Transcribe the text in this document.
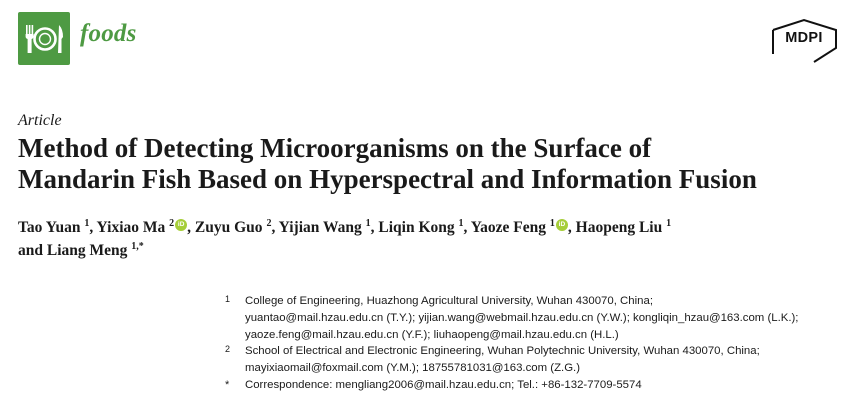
foods	MDPI
Article
Method of Detecting Microorganisms on the Surface of
Mandarin Fish Based on Hyperspectral and Information Fusion
Tao Yuan $^1$, Yixiao Ma $^2$ iD , Zuyu Guo $^2$, Yijian Wang $^1$, Liqin Kong $^1$, Yaoze Feng $^1$ iD , Haopeng Liu $^1$
and Liang Meng $^{1,*}$
1 College of Engineering, Huazhong Agricultural University, Wuhan 430070, China;
yuantao@mail.hzau.edu.cn (T.Y.); yijian.wang@webmail.hzau.edu.cn (Y.W.); kongliqin_hzau@163.com (L.K.);
yaoze.feng@mail.hzau.edu.cn (Y.F.); liuhaopeng@mail.hzau.edu.cn (H.L.)
2 School of Electrical and Electronic Engineering, Wuhan Polytechnic University, Wuhan 430070, China;
mayixiaomail@foxmail.com (Y.M.); 18755781031@163.com (Z.G.)
* Correspondence: mengliang2006@mail.hzau.edu.cn; Tel.: +86-132-7709-5574
